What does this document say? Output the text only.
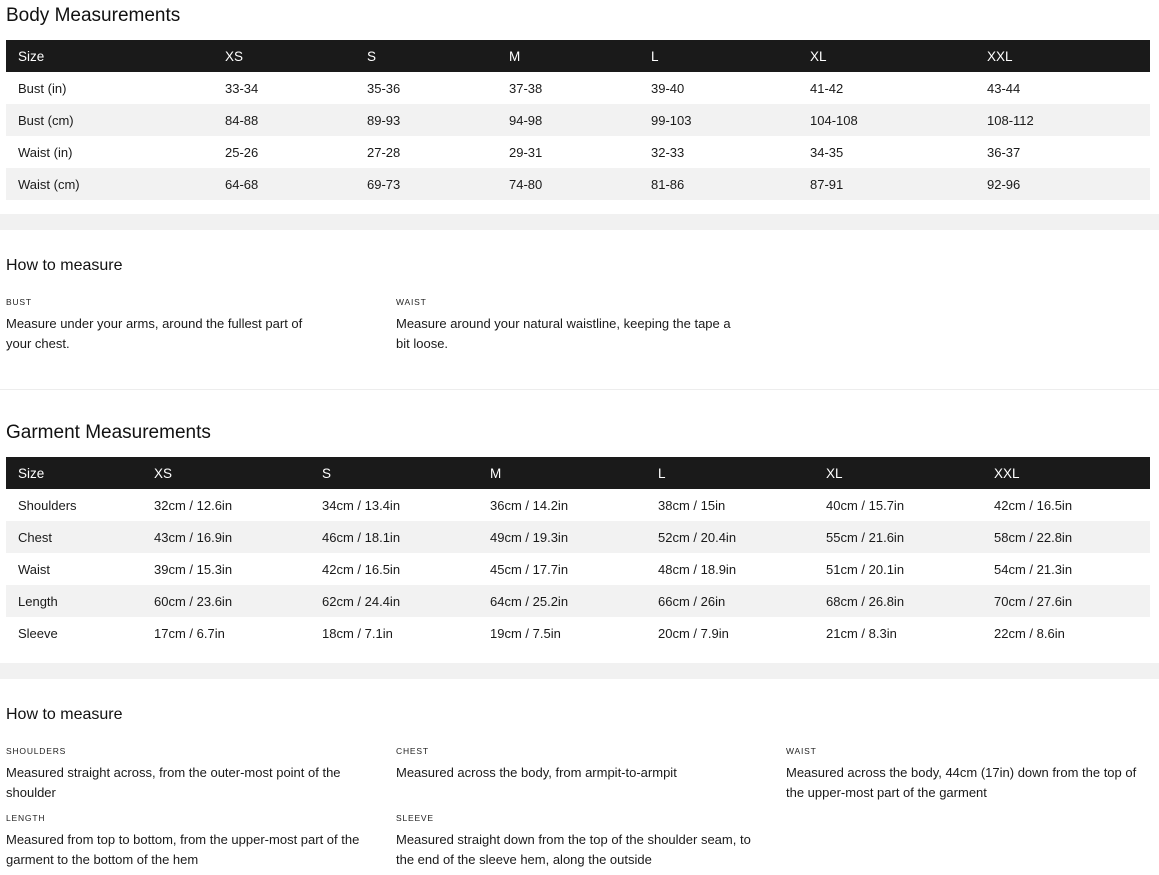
Body Measurements
Size	XS	S	M	L	XL	XXL
Bust (in)	33-34	35-36	37-38	39-40	41-42	43-44
Bust (cm)	84-88	89-93	94-98	99-103	104-108	108-112
Waist (in)	25-26	27-28	29-31	32-33	34-35	36-37
Waist (cm)	64-68	69-73	74-80	81-86	87-91	92-96
How to measure

BUST

Measure under your arms, around the fullest part of your chest.

WAIST

Measure around your natural waistline, keeping the tape a bit loose.

Garment Measurements
Size	XS	S	M	L	XL	XXL
Shoulders	32cm / 12.6in	34cm / 13.4in	36cm / 14.2in	38cm / 15in	40cm / 15.7in	42cm / 16.5in
Chest	43cm / 16.9in	46cm / 18.1in	49cm / 19.3in	52cm / 20.4in	55cm / 21.6in	58cm / 22.8in
Waist	39cm / 15.3in	42cm / 16.5in	45cm / 17.7in	48cm / 18.9in	51cm / 20.1in	54cm / 21.3in
Length	60cm / 23.6in	62cm / 24.4in	64cm / 25.2in	66cm / 26in	68cm / 26.8in	70cm / 27.6in
Sleeve	17cm / 6.7in	18cm / 7.1in	19cm / 7.5in	20cm / 7.9in	21cm / 8.3in	22cm / 8.6in
How to measure

SHOULDERS

Measured straight across, from the outer-most point of the shoulder

CHEST

Measured across the body, from armpit-to-armpit

WAIST

Measured across the body, 44cm (17in) down from the top of the upper-most part of the garment

LENGTH

Measured from top to bottom, from the upper-most part of the garment to the bottom of the hem

SLEEVE

Measured straight down from the top of the shoulder seam, to the end of the sleeve hem, along the outside
